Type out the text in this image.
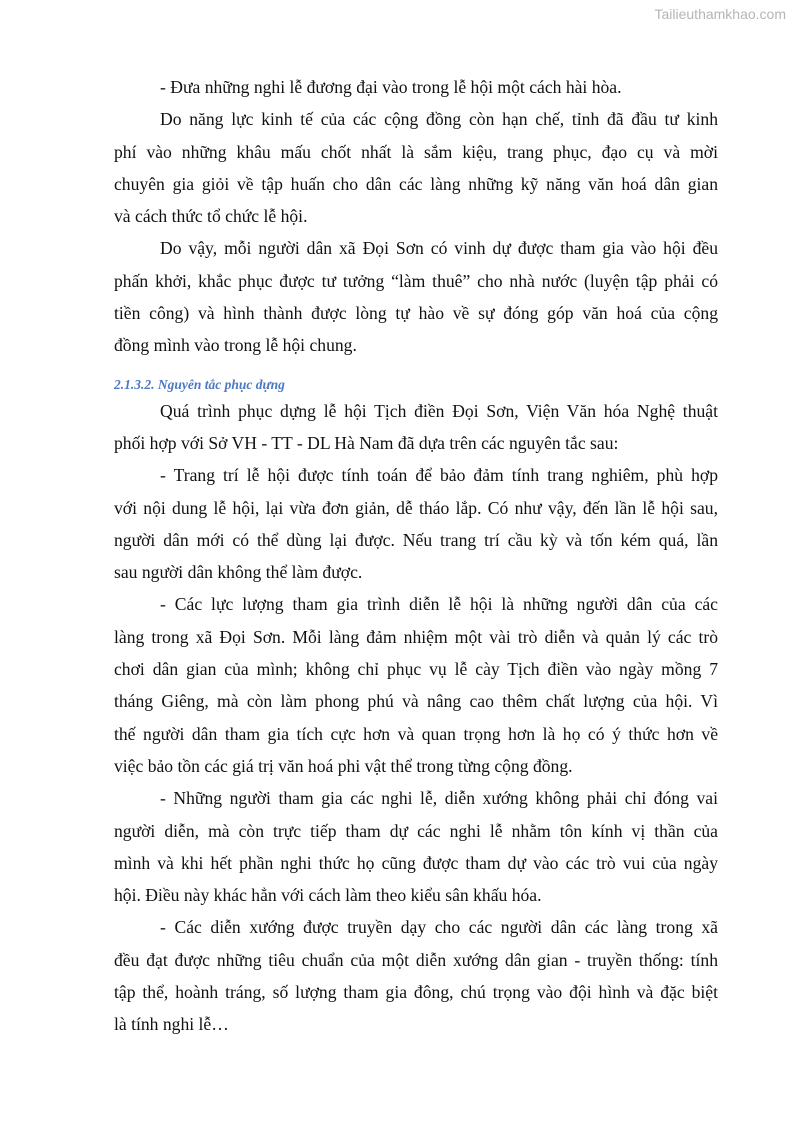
Tailieuthamkhao.com
- Đưa những nghi lễ đương đại vào trong lễ hội một cách hài hòa.
Do năng lực kinh tế của các cộng đồng còn hạn chế, tỉnh đã đầu tư kinh
phí vào những khâu mấu chốt nhất là sắm kiệu, trang phục, đạo cụ và mời
chuyên gia giỏi về tập huấn cho dân các làng những kỹ năng văn hoá dân gian
và cách thức tổ chức lễ hội.
Do vậy, mỗi người dân xã Đọi Sơn có vinh dự được tham gia vào hội đều
phấn khởi, khắc phục được tư tưởng “làm thuê” cho nhà nước (luyện tập phải có
tiền công) và hình thành được lòng tự hào về sự đóng góp văn hoá của cộng
đồng mình vào trong lễ hội chung.
2.1.3.2. Nguyên tắc phục dựng
Quá trình phục dựng lễ hội Tịch điền Đọi Sơn, Viện Văn hóa Nghệ thuật
phối hợp với Sở VH - TT - DL Hà Nam đã dựa trên các nguyên tắc sau:
- Trang trí lễ hội được tính toán để bảo đảm tính trang nghiêm, phù hợp
với nội dung lễ hội, lại vừa đơn giản, dễ tháo lắp. Có như vậy, đến lần lễ hội sau,
người dân mới có thể dùng lại được. Nếu trang trí cầu kỳ và tốn kém quá, lần
sau người dân không thể làm được.
- Các lực lượng tham gia trình diễn lễ hội là những người dân của các
làng trong xã Đọi Sơn. Mỗi làng đảm nhiệm một vài trò diễn và quản lý các trò
chơi dân gian của mình; không chỉ phục vụ lễ cày Tịch điền vào ngày mồng 7
tháng Giêng, mà còn làm phong phú và nâng cao thêm chất lượng của hội. Vì
thế người dân tham gia tích cực hơn và quan trọng hơn là họ có ý thức hơn về
việc bảo tồn các giá trị văn hoá phi vật thể trong từng cộng đồng.
- Những người tham gia các nghi lễ, diễn xướng không phải chỉ đóng vai
người diễn, mà còn trực tiếp tham dự các nghi lễ nhằm tôn kính vị thần của
mình và khi hết phần nghi thức họ cũng được tham dự vào các trò vui của ngày
hội. Điều này khác hẳn với cách làm theo kiểu sân khấu hóa.
- Các diễn xướng được truyền dạy cho các người dân các làng trong xã
đều đạt được những tiêu chuẩn của một diễn xướng dân gian - truyền thống: tính
tập thể, hoành tráng, số lượng tham gia đông, chú trọng vào đội hình và đặc biệt
là tính nghi lễ…
